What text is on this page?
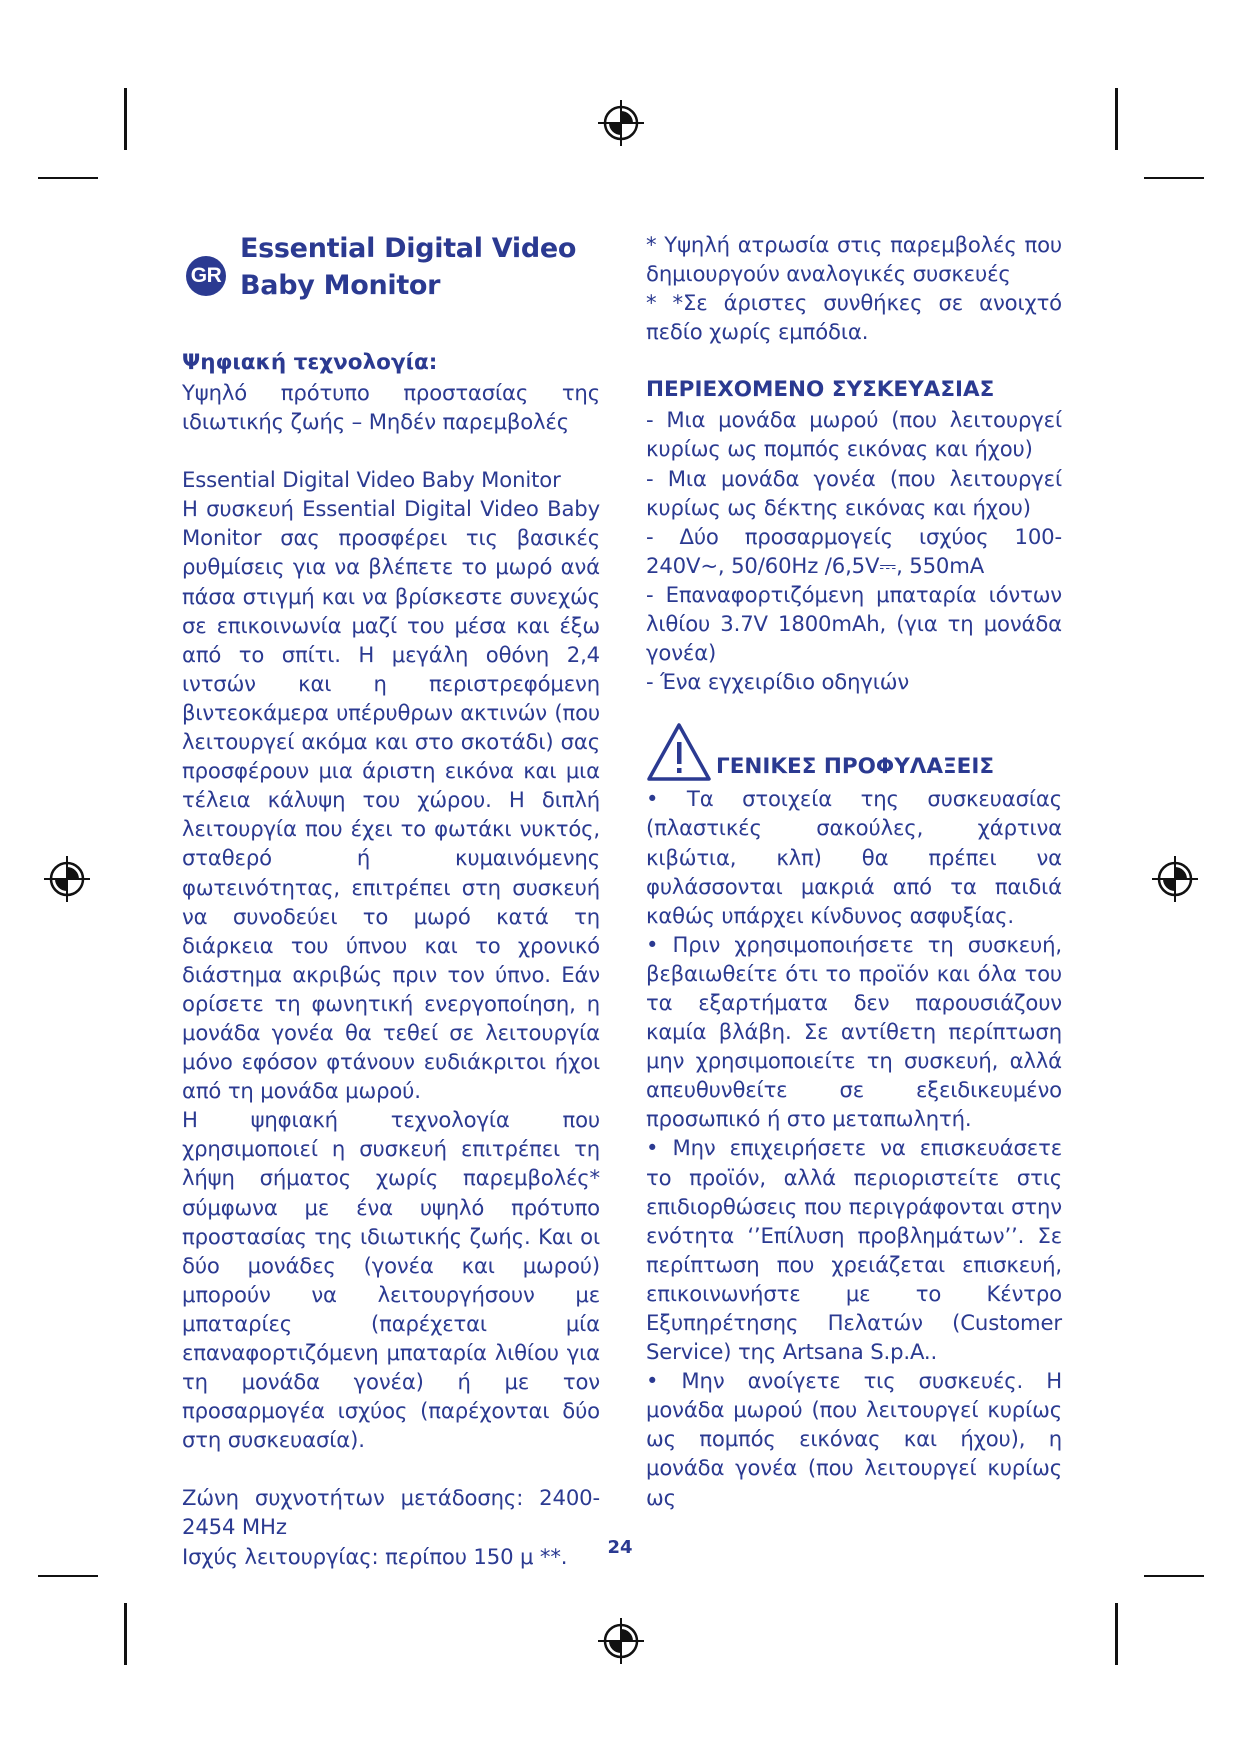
GR
Essential Digital Video
Baby Monitor
Ψηφιακή τεχνολογία:

Υψηλό πρότυπο προστασίας της ιδιωτικής ζωής – Μηδέν παρεμβολές

Essential Digital Video Baby Monitor

Η συσκευή Essential Digital Video Baby Monitor σας προσφέρει τις βασικές ρυθμίσεις για να βλέπετε το μωρό ανά πάσα στιγμή και να βρίσκεστε συνεχώς σε επικοινωνία μαζί του μέσα και έξω από το σπίτι. Η μεγάλη οθόνη 2,4 ιντσών και η περιστρεφόμενη βιντεοκάμερα υπέρυθρων ακτινών (που λειτουργεί ακόμα και στο σκοτάδι) σας προσφέρουν μια άριστη εικόνα και μια τέλεια κάλυψη του χώρου. Η διπλή λειτουργία που έχει το φωτάκι νυκτός, σταθερό ή κυμαινόμενης φωτεινότητας, επιτρέπει στη συσκευή να συνοδεύει το μωρό κατά τη διάρκεια του ύπνου και το χρονικό διάστημα ακριβώς πριν τον ύπνο. Εάν ορίσετε τη φωνητική ενεργοποίηση, η μονάδα γονέα θα τεθεί σε λειτουργία μόνο εφόσον φτάνουν ευδιάκριτοι ήχοι από τη μονάδα μωρού.

Η ψηφιακή τεχνολογία που χρησιμοποιεί η συσκευή επιτρέπει τη λήψη σήματος χωρίς παρεμβολές* σύμφωνα με ένα υψηλό πρότυπο προστασίας της ιδιωτικής ζωής. Και οι δύο μονάδες (γονέα και μωρού) μπορούν να λειτουργήσουν με μπαταρίες (παρέχεται μία επαναφορτιζόμενη μπαταρία λιθίου για τη μονάδα γονέα) ή με τον προσαρμογέα ισχύος (παρέχονται δύο στη συσκευασία).

Ζώνη συχνοτήτων μετάδοσης: 2400-2454 MHz

Ισχύς λειτουργίας: περίπου 150 μ **.

* Υψηλή ατρωσία στις παρεμβολές που δημιουργούν αναλογικές συσκευές

* *Σε άριστες συνθήκες σε ανοιχτό πεδίο χωρίς εμπόδια.

ΠΕΡΙΕΧΟΜΕΝΟ ΣΥΣΚΕΥΑΣΙΑΣ

- Μια μονάδα μωρού (που λειτουργεί κυρίως ως πομπός εικόνας και ήχου)

- Μια μονάδα γονέα (που λειτουργεί κυρίως ως δέκτης εικόνας και ήχου)

- Δύο προσαρμογείς ισχύος 100-240V~, 50/60Hz /6,5V⎓, 550mA

- Επαναφορτιζόμενη μπαταρία ιόντων λιθίου 3.7V 1800mAh, (για τη μονάδα γονέα)

- Ένα εγχειρίδιο οδηγιών

ΓΕΝΙΚΕΣ ΠΡΟΦΥΛΑΞΕΙΣ

• Τα στοιχεία της συσκευασίας (πλαστικές σακούλες, χάρτινα κιβώτια, κλπ) θα πρέπει να φυλάσσονται μακριά από τα παιδιά καθώς υπάρχει κίνδυνος ασφυξίας.

• Πριν χρησιμοποιήσετε τη συσκευή, βεβαιωθείτε ότι το προϊόν και όλα του τα εξαρτήματα δεν παρουσιάζουν καμία βλάβη. Σε αντίθετη περίπτωση μην χρησιμοποιείτε τη συσκευή, αλλά απευθυνθείτε σε εξειδικευμένο προσωπικό ή στο μεταπωλητή.

• Μην επιχειρήσετε να επισκευάσετε το προϊόν, αλλά περιοριστείτε στις επιδιορθώσεις που περιγράφονται στην ενότητα ‘’Επίλυση προβλημάτων’’. Σε περίπτωση που χρειάζεται επισκευή, επικοινωνήστε με το Κέντρο Εξυπηρέτησης Πελατών (Customer Service) της Artsana S.p.A..

• Μην ανοίγετε τις συσκευές. Η μονάδα μωρού (που λειτουργεί κυρίως ως πομπός εικόνας και ήχου), η μονάδα γονέα (που λειτουργεί κυρίως ως

24
